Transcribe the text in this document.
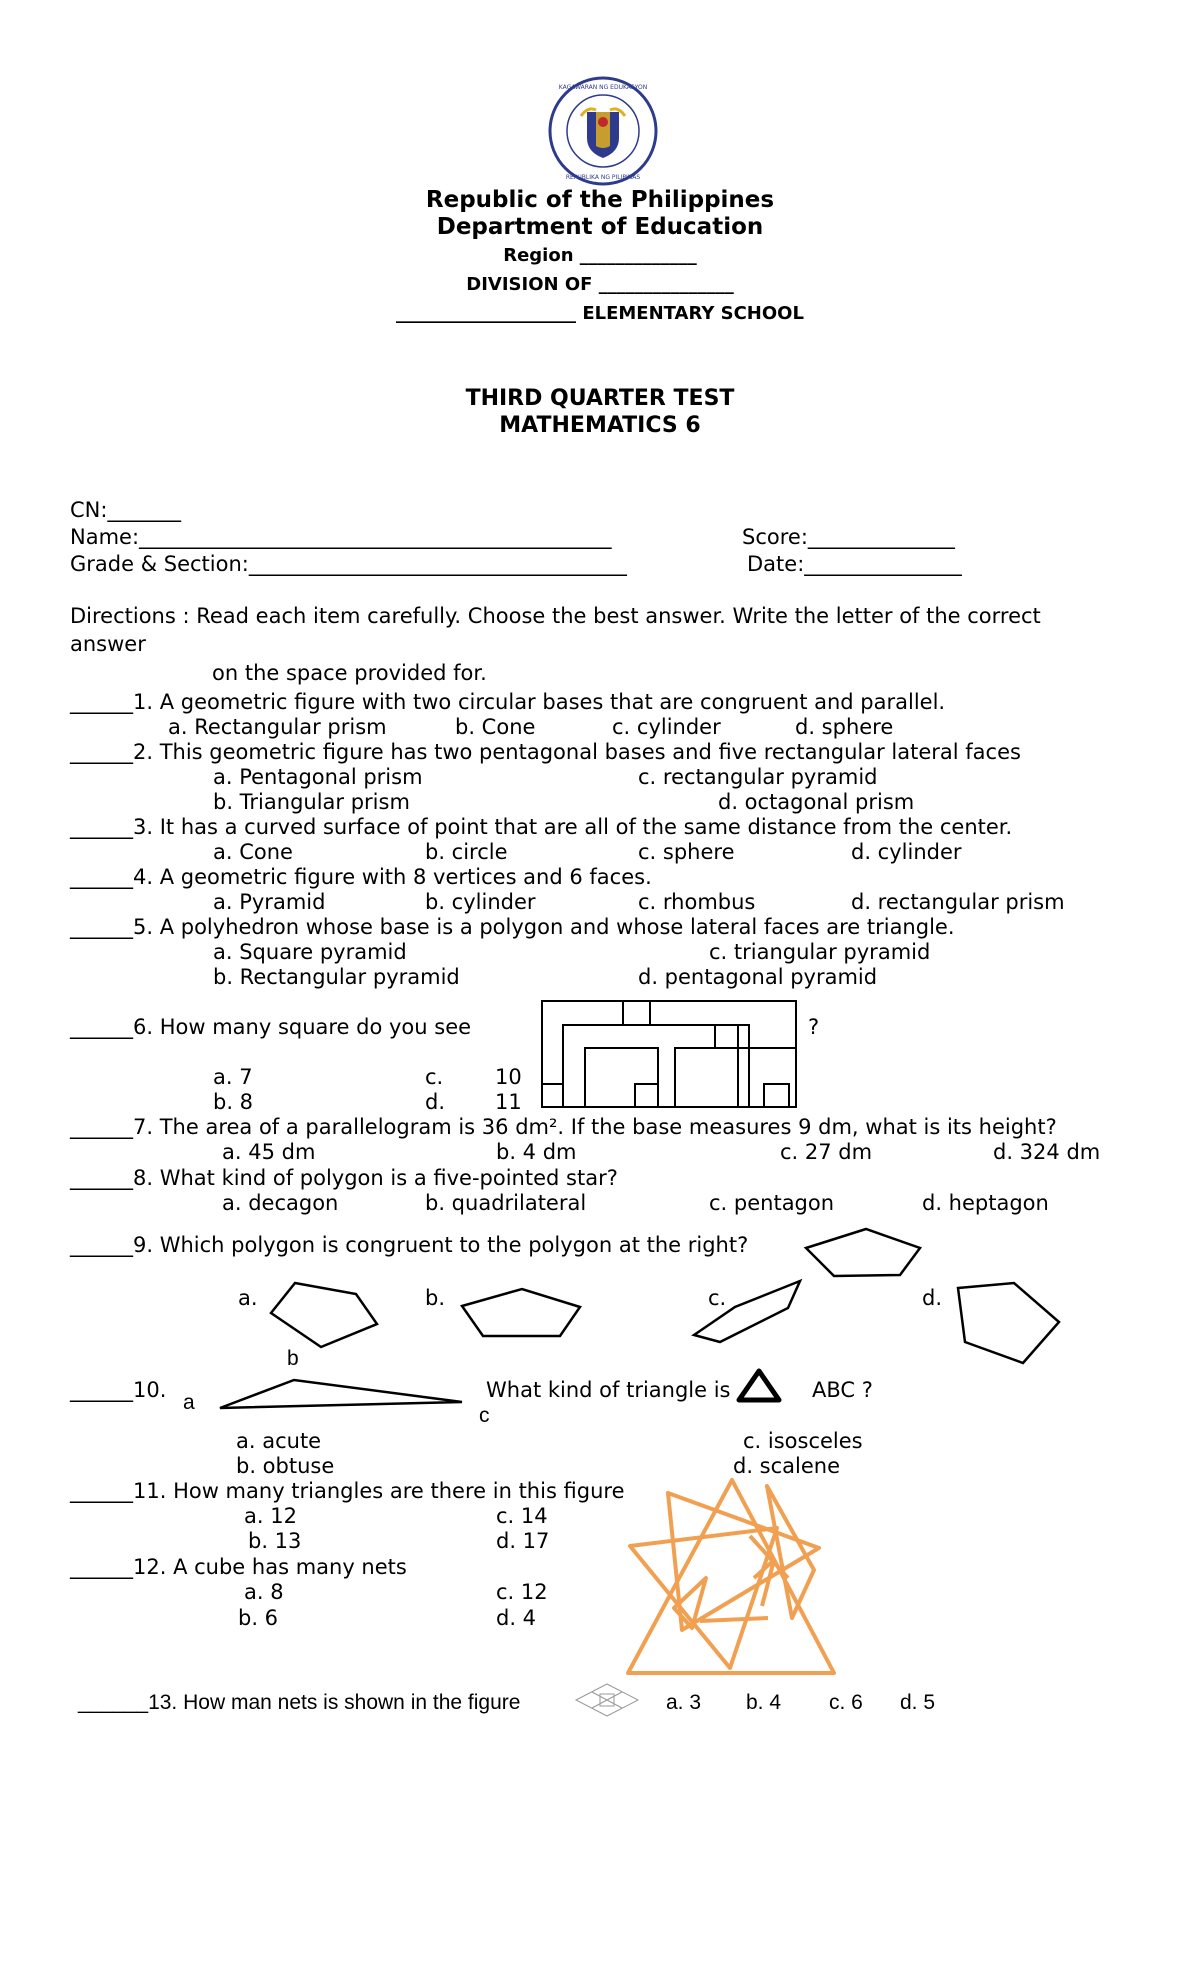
KAGAWARAN NG EDUKASYON
REPUBLIKA NG PILIPINAS
Republic of the Philippines
Department of Education
Region _____________
DIVISION OF _______________
____________________ ELEMENTARY SCHOOL
THIRD QUARTER TEST
MATHEMATICS 6
CN:_______
Name:_____________________________________________	Score:______________
Grade & Section:____________________________________	Date:_______________
Directions : Read each item carefully. Choose the best answer. Write the letter of the correct
answer
on the space provided for.
______1. A geometric figure with two circular bases that are congruent and parallel.
a. Rectangular prism	b. Cone	c. cylinder	d. sphere
______2. This geometric figure has two pentagonal bases and five rectangular lateral faces
a. Pentagonal prism	c. rectangular pyramid
b. Triangular prism	d. octagonal prism
______3. It has a curved surface of point that are all of the same distance from the center.
a. Cone	b. circle	c. sphere	d. cylinder
______4. A geometric figure with 8 vertices and 6 faces.
a. Pyramid	b. cylinder	c. rhombus	d. rectangular prism
______5. A polyhedron whose base is a polygon and whose lateral faces are triangle.
a. Square pyramid	c. triangular pyramid
b. Rectangular pyramid	d. pentagonal pyramid
______6. How many square do you see	?
a. 7	c. 10
b. 8	d. 11
______7. The area of a parallelogram is 36 dm². If the base measures 9 dm, what is its height?
a. 45 dm	b. 4 dm	c. 27 dm	d. 324 dm
______8. What kind of polygon is a five-pointed star?
a. decagon	b. quadrilateral	c. pentagon	d. heptagon
______9. Which polygon is congruent to the polygon at the right?
a.	b.	c.	d.
______10.
a
b
c
What kind of triangle is	ABC ?
a. acute	c. isosceles
b. obtuse	d. scalene
______11. How many triangles are there in this figure
a. 12	c. 14
b. 13	d. 17
______12. A cube has many nets
a. 8	c. 12
b. 6	d. 4
______13. How man nets is shown in the figure	a. 3 b. 4 c. 6 d. 5
